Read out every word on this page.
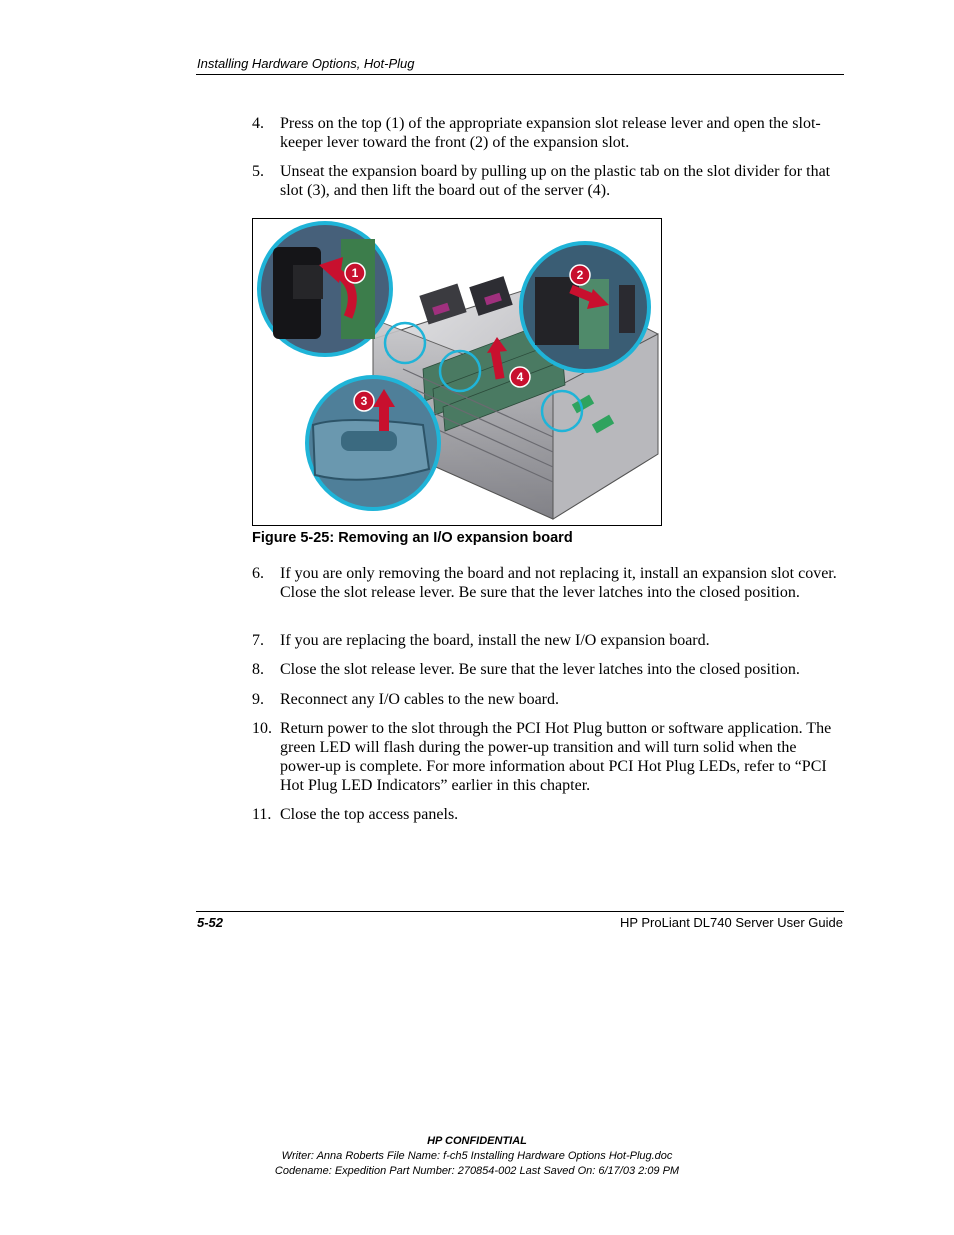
Installing Hardware Options, Hot-Plug
4. Press on the top (1) of the appropriate expansion slot release lever and open the slot-keeper lever toward the front (2) of the expansion slot.
5. Unseat the expansion board by pulling up on the plastic tab on the slot divider for that slot (3), and then lift the board out of the server (4).
1	2
3
4
Figure 5-25: Removing an I/O expansion board
6. If you are only removing the board and not replacing it, install an expansion slot cover. Close the slot release lever. Be sure that the lever latches into the closed position.
7. If you are replacing the board, install the new I/O expansion board.
8. Close the slot release lever. Be sure that the lever latches into the closed position.
9. Reconnect any I/O cables to the new board.
10. Return power to the slot through the PCI Hot Plug button or software application. The green LED will flash during the power-up transition and will turn solid when the power-up is complete. For more information about PCI Hot Plug LEDs, refer to “PCI Hot Plug LED Indicators” earlier in this chapter.
11. Close the top access panels.
5-52	HP ProLiant DL740 Server User Guide
HP CONFIDENTIAL
Writer: Anna Roberts File Name: f-ch5 Installing Hardware Options Hot-Plug.doc
Codename: Expedition Part Number: 270854-002 Last Saved On: 6/17/03 2:09 PM
